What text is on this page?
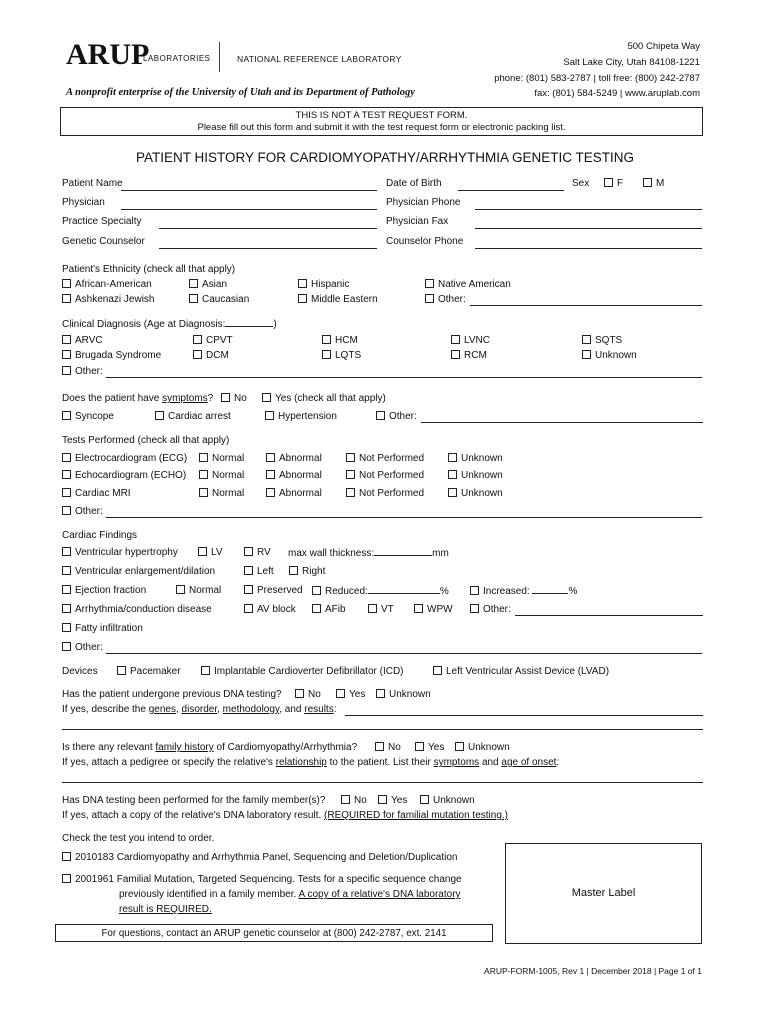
ARUP
LABORATORIES	NATIONAL REFERENCE LABORATORY
A nonprofit enterprise of the University of Utah and its Department of Pathology
500 Chipeta Way
Salt Lake City, Utah 84108-1221
phone: (801) 583-2787 | toll free: (800) 242-2787
fax: (801) 584-5249 | www.aruplab.com
THIS IS NOT A TEST REQUEST FORM.
Please fill out this form and submit it with the test request form or electronic packing list.
PATIENT HISTORY FOR CARDIOMYOPATHY/ARRHYTHMIA GENETIC TESTING
Patient Name	Date of Birth	Sex	F	M
Physician	Physician Phone
Practice Specialty	Physician Fax
Genetic Counselor	Counselor Phone
Patient's Ethnicity (check all that apply)
African-American	Asian	Hispanic	Native American
Ashkenazi Jewish	Caucasian	Middle Eastern	Other:
Clinical Diagnosis (Age at Diagnosis:	)
ARVC	CPVT	HCM	LVNC	SQTS
Brugada Syndrome	DCM	LQTS	RCM	Unknown
Other:
Does the patient have symptoms?	No	Yes (check all that apply)
Syncope	Cardiac arrest	Hypertension	Other:
Tests Performed (check all that apply)
Electrocardiogram (ECG)	Normal	Abnormal	Not Performed	Unknown
Echocardiogram (ECHO)	Normal	Abnormal	Not Performed	Unknown
Cardiac MRI	Normal	Abnormal	Not Performed	Unknown
Other:
Cardiac Findings
Ventricular hypertrophy	LV	RV max wall thickness:	mm
Ventricular enlargement/dilation	Left	Right
Ejection fraction	Normal	Preserved	Reduced:	%	Increased:	%
Arrhythmia/conduction disease	AV block	AFib	VT	WPW	Other:
Fatty infiltration
Other:
Devices	Pacemaker	Implantable Cardioverter Defibrillator (ICD)	Left Ventricular Assist Device (LVAD)
Has the patient undergone previous DNA testing?	No	Yes	Unknown
If yes, describe the genes, disorder, methodology, and results:
Is there any relevant family history of Cardiomyopathy/Arrhythmia?	No	Yes	Unknown
If yes, attach a pedigree or specify the relative's relationship to the patient. List their symptoms and age of onset:
Has DNA testing been performed for the family member(s)?	No	Yes	Unknown
If yes, attach a copy of the relative's DNA laboratory result. (REQUIRED for familial mutation testing.)
Check the test you intend to order.
2010183 Cardiomyopathy and Arrhythmia Panel, Sequencing and Deletion/Duplication
2001961 Familial Mutation, Targeted Sequencing. Tests for a specific sequence change
previously identified in a family member. A copy of a relative's DNA laboratory
result is REQUIRED.
Master Label
For questions, contact an ARUP genetic counselor at (800) 242-2787, ext. 2141
ARUP-FORM-1005, Rev 1 | December 2018 | Page 1 of 1
